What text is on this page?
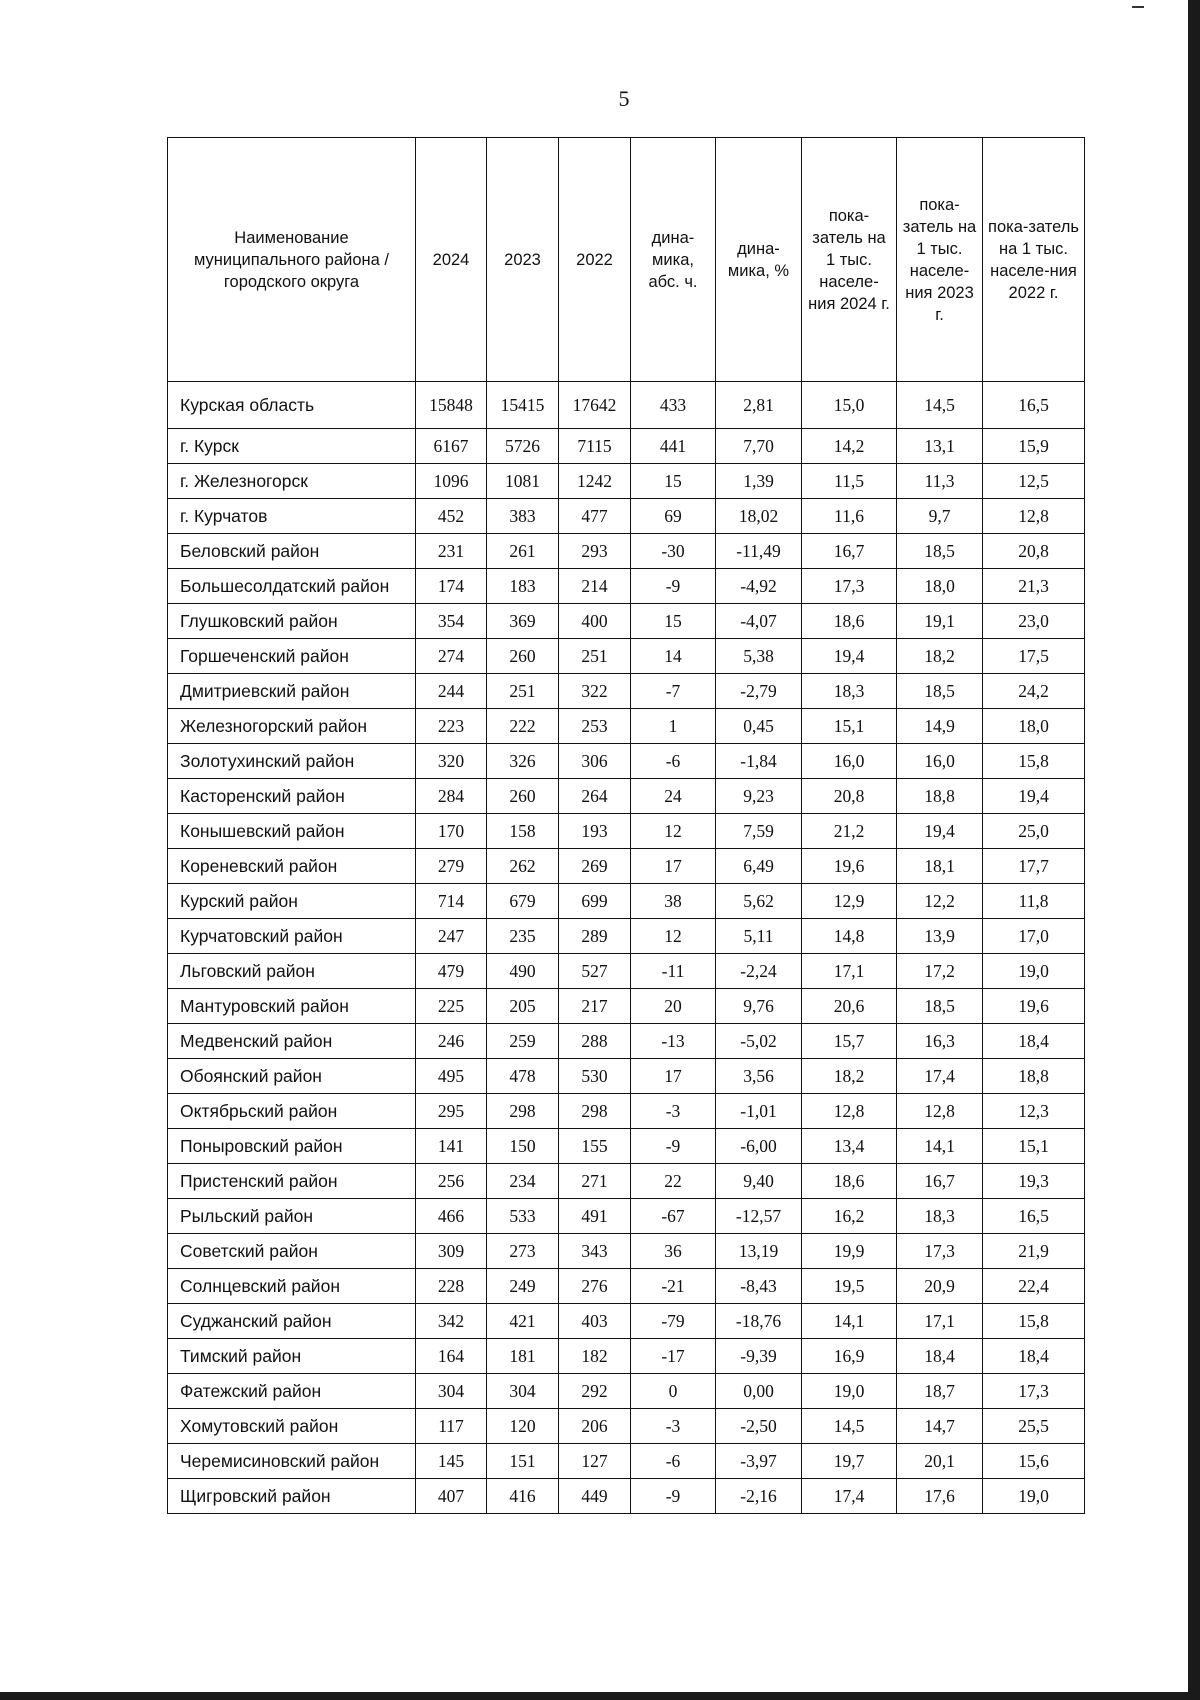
5
Наименование муниципального района / городского округа	2024	2023	2022	дина-мика, абс. ч.	дина-мика, %	пока-затель на 1 тыс. населе-ния 2024 г.	пока-затель на 1 тыс. населе-ния 2023 г.	пока-затель на 1 тыс. населе-ния 2022 г.
Курская область	15848	15415	17642	433	2,81	15,0	14,5	16,5
г. Курск	6167	5726	7115	441	7,70	14,2	13,1	15,9
г. Железногорск	1096	1081	1242	15	1,39	11,5	11,3	12,5
г. Курчатов	452	383	477	69	18,02	11,6	9,7	12,8
Беловский район	231	261	293	-30	-11,49	16,7	18,5	20,8
Большесолдатский район	174	183	214	-9	-4,92	17,3	18,0	21,3
Глушковский район	354	369	400	15	-4,07	18,6	19,1	23,0
Горшеченский район	274	260	251	14	5,38	19,4	18,2	17,5
Дмитриевский район	244	251	322	-7	-2,79	18,3	18,5	24,2
Железногорский район	223	222	253	1	0,45	15,1	14,9	18,0
Золотухинский район	320	326	306	-6	-1,84	16,0	16,0	15,8
Касторенский район	284	260	264	24	9,23	20,8	18,8	19,4
Конышевский район	170	158	193	12	7,59	21,2	19,4	25,0
Кореневский район	279	262	269	17	6,49	19,6	18,1	17,7
Курский район	714	679	699	38	5,62	12,9	12,2	11,8
Курчатовский район	247	235	289	12	5,11	14,8	13,9	17,0
Льговский район	479	490	527	-11	-2,24	17,1	17,2	19,0
Мантуровский район	225	205	217	20	9,76	20,6	18,5	19,6
Медвенский район	246	259	288	-13	-5,02	15,7	16,3	18,4
Обоянский район	495	478	530	17	3,56	18,2	17,4	18,8
Октябрьский район	295	298	298	-3	-1,01	12,8	12,8	12,3
Поныровский район	141	150	155	-9	-6,00	13,4	14,1	15,1
Пристенский район	256	234	271	22	9,40	18,6	16,7	19,3
Рыльский район	466	533	491	-67	-12,57	16,2	18,3	16,5
Советский район	309	273	343	36	13,19	19,9	17,3	21,9
Солнцевский район	228	249	276	-21	-8,43	19,5	20,9	22,4
Суджанский район	342	421	403	-79	-18,76	14,1	17,1	15,8
Тимский район	164	181	182	-17	-9,39	16,9	18,4	18,4
Фатежский район	304	304	292	0	0,00	19,0	18,7	17,3
Хомутовский район	117	120	206	-3	-2,50	14,5	14,7	25,5
Черемисиновский район	145	151	127	-6	-3,97	19,7	20,1	15,6
Щигровский район	407	416	449	-9	-2,16	17,4	17,6	19,0
